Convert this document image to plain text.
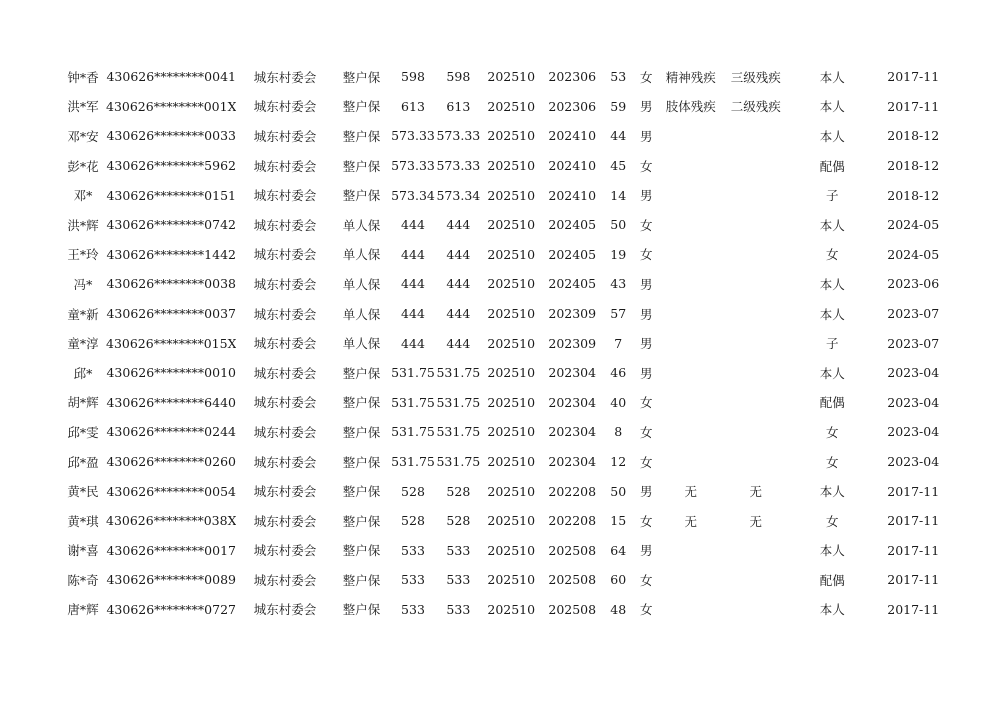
钟*香	430626********0041	城东村委会	整户保	598	598	202510	202306	53	女	精神残疾	三级残疾	本人	2017-11
洪*军	430626********001X	城东村委会	整户保	613	613	202510	202306	59	男	肢体残疾	二级残疾	本人	2017-11
邓*安	430626********0033	城东村委会	整户保	573.33	573.33	202510	202410	44	男			本人	2018-12
彭*花	430626********5962	城东村委会	整户保	573.33	573.33	202510	202410	45	女			配偶	2018-12
邓*	430626********0151	城东村委会	整户保	573.34	573.34	202510	202410	14	男			子	2018-12
洪*辉	430626********0742	城东村委会	单人保	444	444	202510	202405	50	女			本人	2024-05
王*玲	430626********1442	城东村委会	单人保	444	444	202510	202405	19	女			女	2024-05
冯*	430626********0038	城东村委会	单人保	444	444	202510	202405	43	男			本人	2023-06
童*新	430626********0037	城东村委会	单人保	444	444	202510	202309	57	男			本人	2023-07
童*淳	430626********015X	城东村委会	单人保	444	444	202510	202309	7	男			子	2023-07
邱*	430626********0010	城东村委会	整户保	531.75	531.75	202510	202304	46	男			本人	2023-04
胡*辉	430626********6440	城东村委会	整户保	531.75	531.75	202510	202304	40	女			配偶	2023-04
邱*雯	430626********0244	城东村委会	整户保	531.75	531.75	202510	202304	8	女			女	2023-04
邱*盈	430626********0260	城东村委会	整户保	531.75	531.75	202510	202304	12	女			女	2023-04
黄*民	430626********0054	城东村委会	整户保	528	528	202510	202208	50	男	无	无	本人	2017-11
黄*琪	430626********038X	城东村委会	整户保	528	528	202510	202208	15	女	无	无	女	2017-11
谢*喜	430626********0017	城东村委会	整户保	533	533	202510	202508	64	男			本人	2017-11
陈*奇	430626********0089	城东村委会	整户保	533	533	202510	202508	60	女			配偶	2017-11
唐*辉	430626********0727	城东村委会	整户保	533	533	202510	202508	48	女			本人	2017-11
